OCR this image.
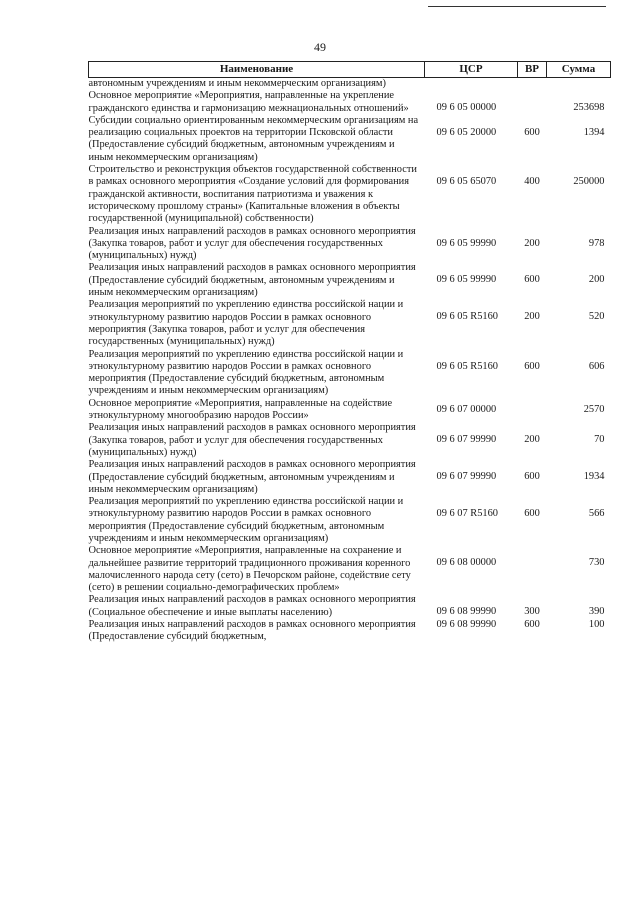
49
Наименование	ЦСР	ВР	Сумма
автономным учреждениям и иным некоммерческим организациям)			
Основное мероприятие «Мероприятия, направленные на укрепление гражданского единства и гармонизацию межнациональных отношений»	09 6 05 00000		253698
Субсидии социально ориентированным некоммерческим организациям на реализацию социальных проектов на территории Псковской области (Предоставление субсидий бюджетным, автономным учреждениям и иным некоммерческим организациям)	09 6 05 20000	600	1394
Строительство и реконструкция объектов государственной собственности в рамках основного мероприятия «Создание условий для формирования гражданской активности, воспитания патриотизма и уважения к историческому прошлому страны» (Капитальные вложения в объекты государственной (муниципальной) собственности)	09 6 05 65070	400	250000
Реализация иных направлений расходов в рамках основного мероприятия (Закупка товаров, работ и услуг для обеспечения государственных (муниципальных) нужд)	09 6 05 99990	200	978
Реализация иных направлений расходов в рамках основного мероприятия (Предоставление субсидий бюджетным, автономным учреждениям и иным некоммерческим организациям)	09 6 05 99990	600	200
Реализация мероприятий по укреплению единства российской нации и этнокультурному развитию народов России в рамках основного мероприятия (Закупка товаров, работ и услуг для обеспечения государственных (муниципальных) нужд)	09 6 05 R5160	200	520
Реализация мероприятий по укреплению единства российской нации и этнокультурному развитию народов России в рамках основного мероприятия (Предоставление субсидий бюджетным, автономным учреждениям и иным некоммерческим организациям)	09 6 05 R5160	600	606
Основное мероприятие «Мероприятия, направленные на содействие этнокультурному многообразию народов России»	09 6 07 00000		2570
Реализация иных направлений расходов в рамках основного мероприятия (Закупка товаров, работ и услуг для обеспечения государственных (муниципальных) нужд)	09 6 07 99990	200	70
Реализация иных направлений расходов в рамках основного мероприятия (Предоставление субсидий бюджетным, автономным учреждениям и иным некоммерческим организациям)	09 6 07 99990	600	1934
Реализация мероприятий по укреплению единства российской нации и этнокультурному развитию народов России в рамках основного мероприятия (Предоставление субсидий бюджетным, автономным учреждениям и иным некоммерческим организациям)	09 6 07 R5160	600	566
Основное мероприятие «Мероприятия, направленные на сохранение и дальнейшее развитие территорий традиционного проживания коренного малочисленного народа сету (сето) в Печорском районе, содействие сету (сето) в решении социально-демографических проблем»	09 6 08 00000		730
Реализация иных направлений расходов в рамках основного мероприятия (Социальное обеспечение и иные выплаты населению)	09 6 08 99990	300	390
Реализация иных направлений расходов в рамках основного мероприятия (Предоставление субсидий бюджетным,	09 6 08 99990	600	100
